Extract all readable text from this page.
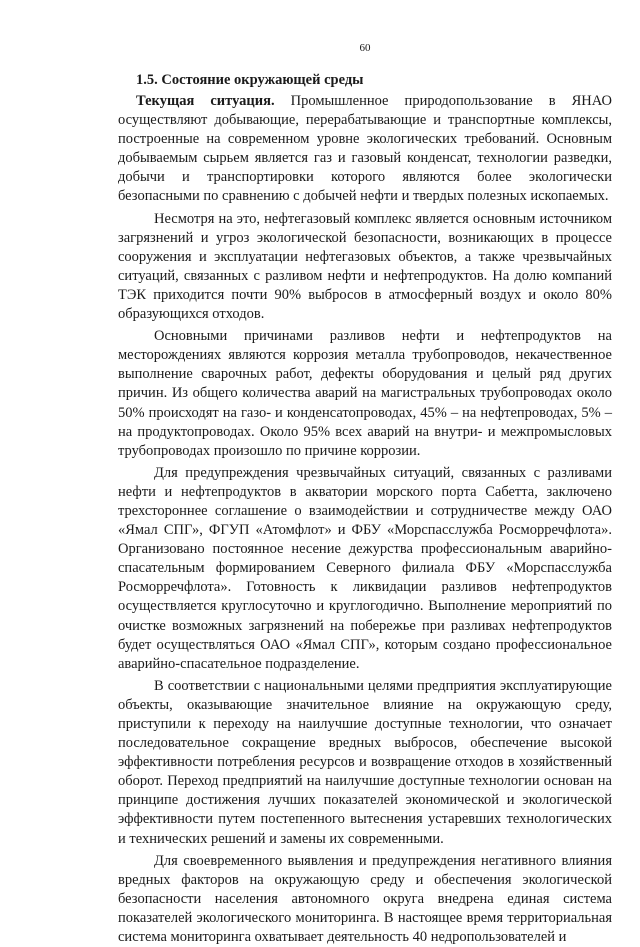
60
1.5. Состояние окружающей среды

Текущая ситуация. Промышленное природопользование в ЯНАО осуществляют добывающие, перерабатывающие и транспортные комплексы, построенные на современном уровне экологических требований. Основным добываемым сырьем является газ и газовый конденсат, технологии разведки, добычи и транспортировки которого являются более экологически безопасными по сравнению с добычей нефти и твердых полезных ископаемых.

Несмотря на это, нефтегазовый комплекс является основным источником загрязнений и угроз экологической безопасности, возникающих в процессе сооружения и эксплуатации нефтегазовых объектов, а также чрезвычайных ситуаций, связанных с разливом нефти и нефтепродуктов. На долю компаний ТЭК приходится почти 90% выбросов в атмосферный воздух и около 80% образующихся отходов.

Основными причинами разливов нефти и нефтепродуктов на месторождениях являются коррозия металла трубопроводов, некачественное выполнение сварочных работ, дефекты оборудования и целый ряд других причин. Из общего количества аварий на магистральных трубопроводах около 50% происходят на газо- и конденсатопроводах, 45% – на нефтепроводах, 5% – на продуктопроводах. Около 95% всех аварий на внутри- и межпромысловых трубопроводах произошло по причине коррозии.

Для предупреждения чрезвычайных ситуаций, связанных с разливами нефти и нефтепродуктов в акватории морского порта Сабетта, заключено трехстороннее соглашение о взаимодействии и сотрудничестве между ОАО «Ямал СПГ», ФГУП «Атомфлот» и ФБУ «Морспасслужба Росморречфлота». Организовано постоянное несение дежурства профессиональным аварийно-спасательным формированием Северного филиала ФБУ «Морспасслужба Росморречфлота». Готовность к ликвидации разливов нефтепродуктов осуществляется круглосуточно и круглогодично. Выполнение мероприятий по очистке возможных загрязнений на побережье при разливах нефтепродуктов будет осуществляться ОАО «Ямал СПГ», которым создано профессиональное аварийно-спасательное подразделение.

В соответствии с национальными целями предприятия эксплуатирующие объекты, оказывающие значительное влияние на окружающую среду, приступили к переходу на наилучшие доступные технологии, что означает последовательное сокращение вредных выбросов, обеспечение высокой эффективности потребления ресурсов и возвращение отходов в хозяйственный оборот. Переход предприятий на наилучшие доступные технологии основан на принципе достижения лучших показателей экономической и экологической эффективности путем постепенного вытеснения устаревших технологических и технических решений и замены их современными.

Для своевременного выявления и предупреждения негативного влияния вредных факторов на окружающую среду и обеспечения экологической безопасности населения автономного округа внедрена единая система показателей экологического мониторинга. В настоящее время территориальная система мониторинга охватывает деятельность 40 недропользователей и
